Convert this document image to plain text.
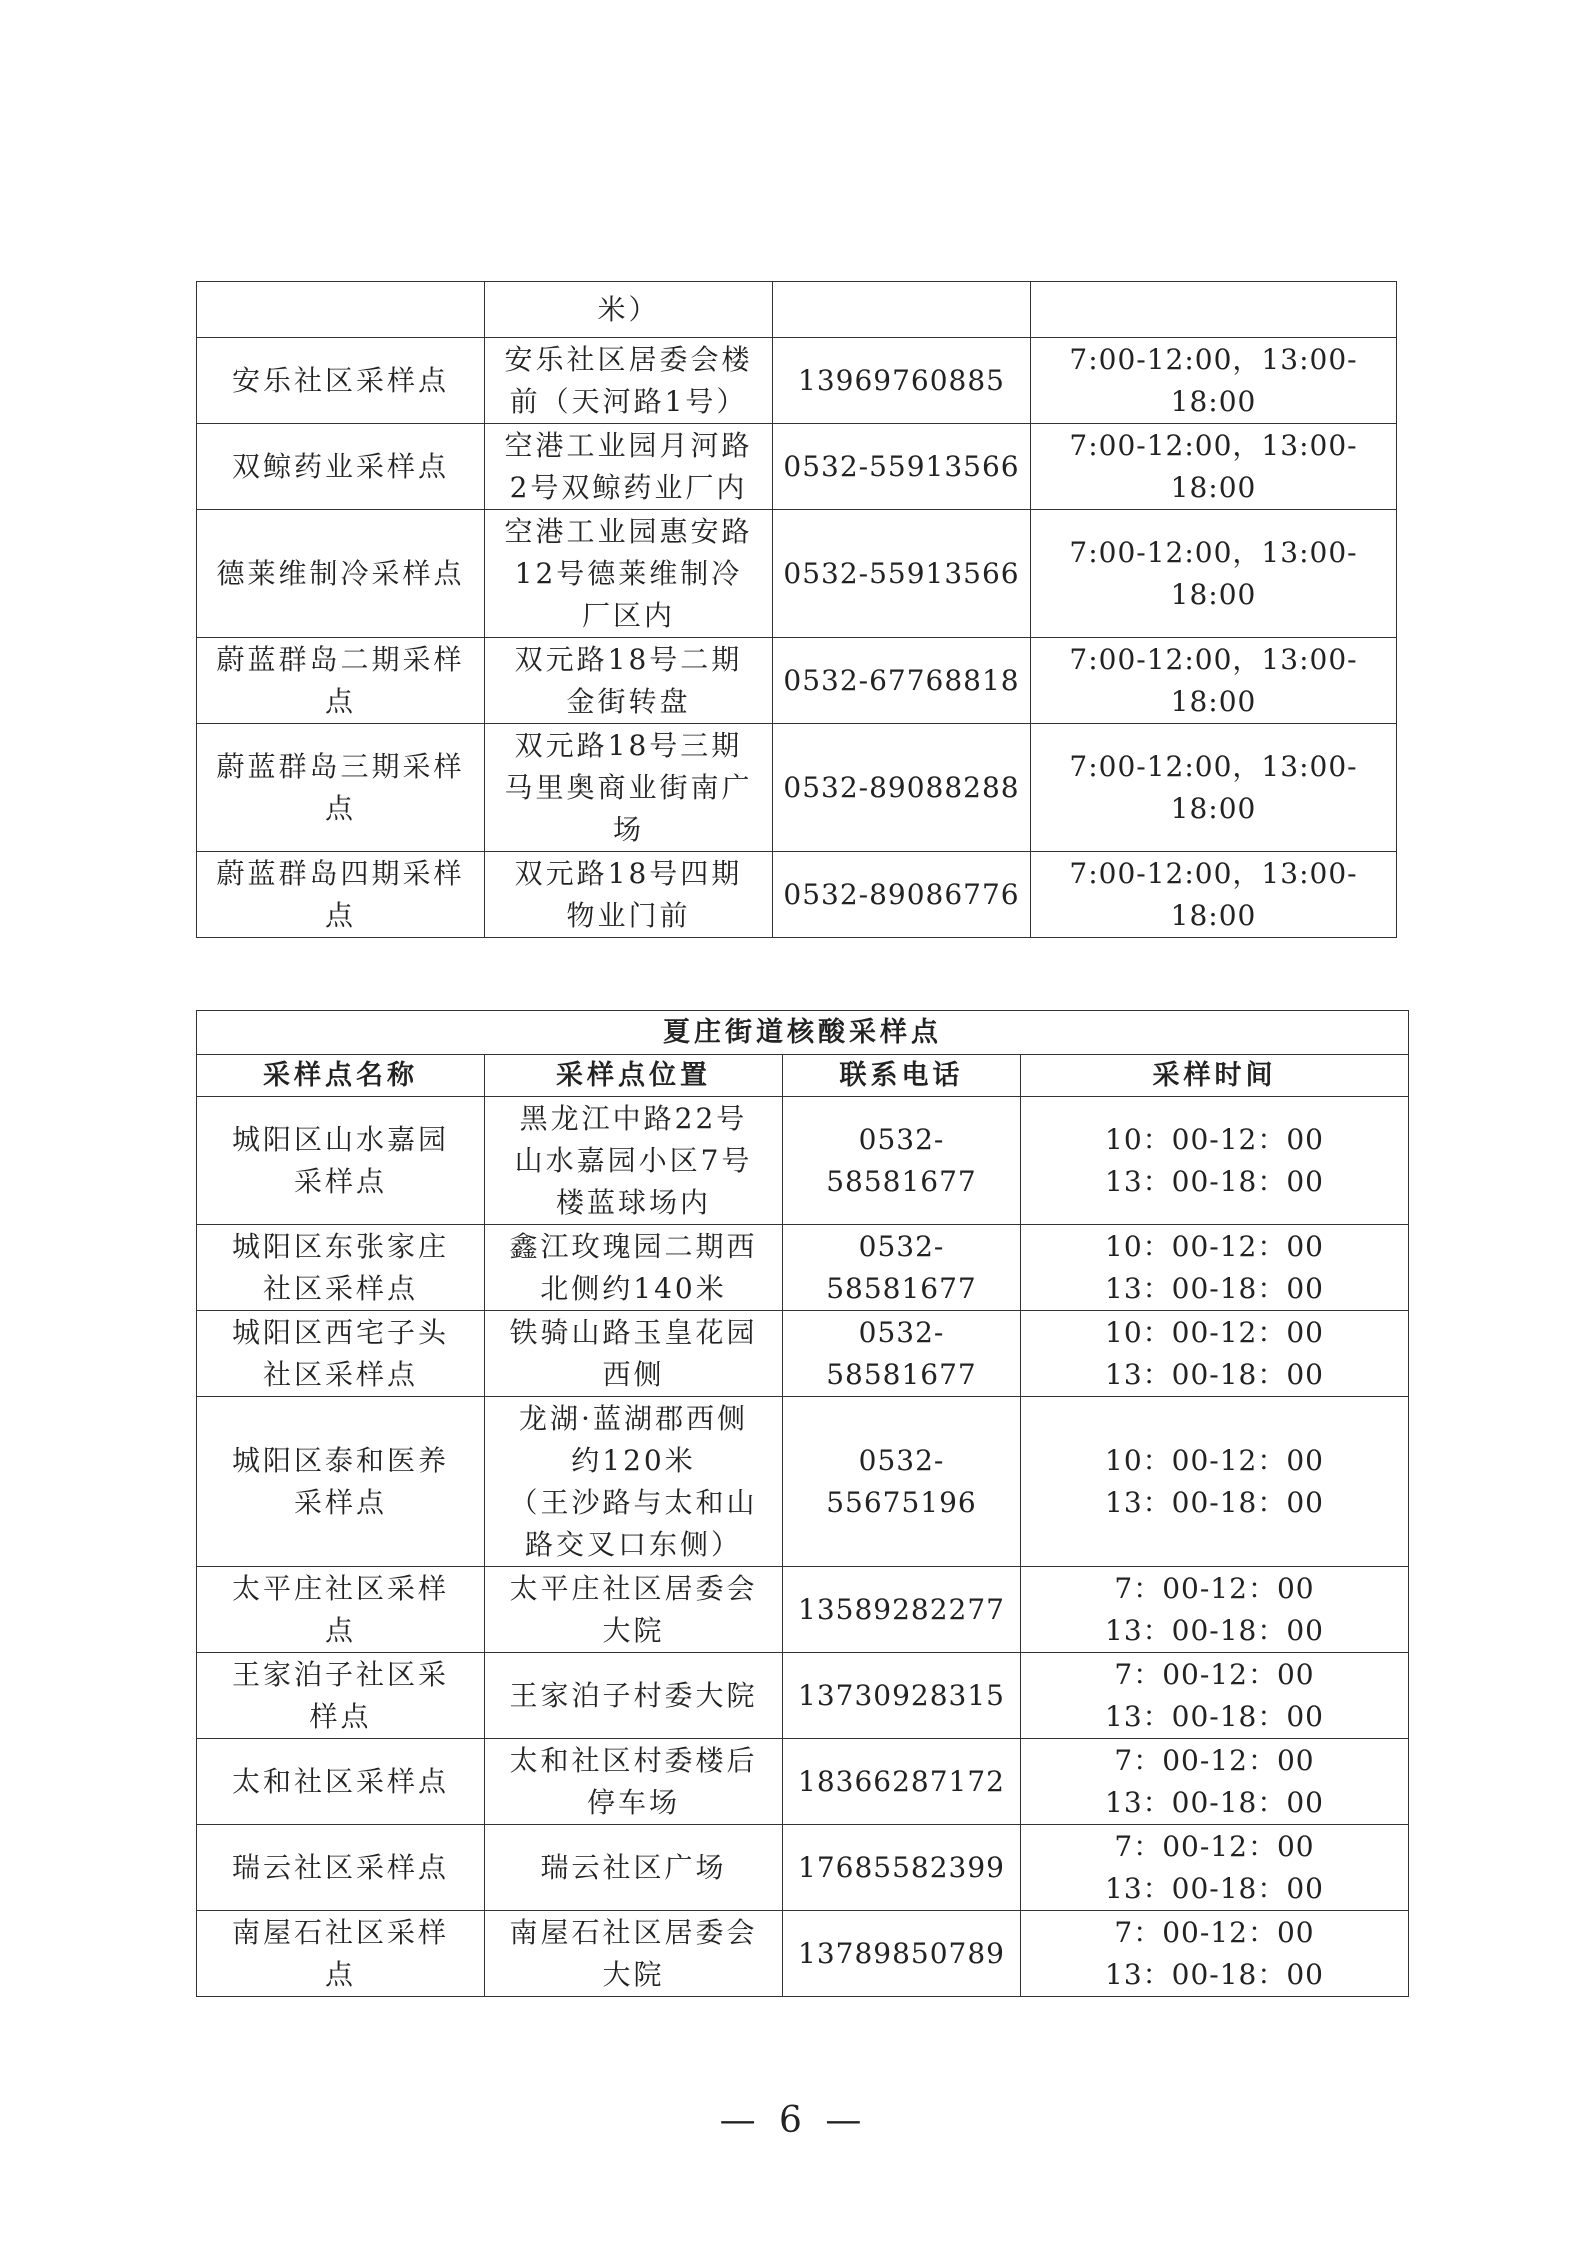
	米）		

安乐社区采样点	安乐社区居委会楼
前（天河路1号）	13969760885	7:00-12:00，13:00-
18:00

双鲸药业采样点	空港工业园月河路
2号双鲸药业厂内	0532-55913566	7:00-12:00，13:00-
18:00

德莱维制冷采样点	空港工业园惠安路
12号德莱维制冷
厂区内	0532-55913566	7:00-12:00，13:00-
18:00

蔚蓝群岛二期采样
点	双元路18号二期
金街转盘	0532-67768818	7:00-12:00，13:00-
18:00

蔚蓝群岛三期采样
点	双元路18号三期
马里奥商业街南广
场	0532-89088288	7:00-12:00，13:00-
18:00

蔚蓝群岛四期采样
点	双元路18号四期
物业门前	0532-89086776	7:00-12:00，13:00-
18:00
夏庄街道核酸采样点			
采样点名称	采样点位置	联系电话	采样时间

城阳区山水嘉园
采样点	黑龙江中路22号
山水嘉园小区7号
楼蓝球场内	0532-58581677	10：00-12：00
13：00-18：00

城阳区东张家庄
社区采样点	鑫江玫瑰园二期西
北侧约140米	0532-58581677	10：00-12：00
13：00-18：00

城阳区西宅子头
社区采样点	铁骑山路玉皇花园
西侧	0532-58581677	10：00-12：00
13：00-18：00

城阳区泰和医养
采样点	龙湖·蓝湖郡西侧
约120米
（王沙路与太和山
路交叉口东侧）	0532-55675196	10：00-12：00
13：00-18：00

太平庄社区采样
点	太平庄社区居委会
大院	13589282277	7：00-12：00
13：00-18：00

王家泊子社区采
样点	王家泊子村委大院	13730928315	7：00-12：00
13：00-18：00

太和社区采样点	太和社区村委楼后
停车场	18366287172	7：00-12：00
13：00-18：00

瑞云社区采样点	瑞云社区广场	17685582399	7：00-12：00
13：00-18：00

南屋石社区采样
点	南屋石社区居委会
大院	13789850789	7：00-12：00
13：00-18：00
— 6 —
